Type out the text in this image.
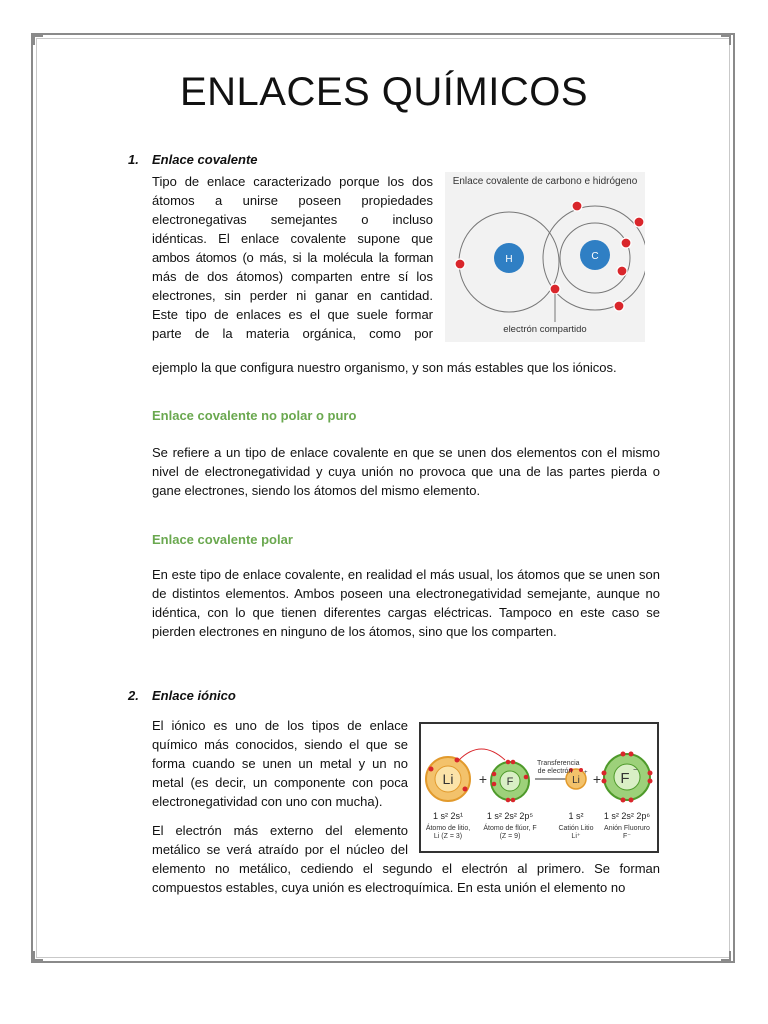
ENLACES QUÍMICOS
1. Enlace covalente
Tipo de enlace caracterizado porque los dos
átomos a unirse poseen propiedades
electronegativas semejantes o incluso
idénticas. El enlace covalente supone que
ambos átomos (o más, si la molécula la forman
más de dos átomos) comparten entre sí los
electrones, sin perder ni ganar en cantidad.
Este tipo de enlaces es el que suele formar
parte de la materia orgánica, como por
ejemplo la que configura nuestro organismo, y son más estables que los iónicos.
Enlace covalente de carbono e hidrógeno
H	C
electrón compartido
Enlace covalente no polar o puro

Se refiere a un tipo de enlace covalente en que se unen dos elementos con el mismo nivel de electronegatividad y cuya unión no provoca que una de las partes pierda o gane electrones, siendo los átomos del mismo elemento.

Enlace covalente polar

En este tipo de enlace covalente, en realidad el más usual, los átomos que se unen son de distintos elementos. Ambos poseen una electronegatividad semejante, aunque no idéntica, con lo que tienen diferentes cargas eléctricas. Tampoco en este caso se pierden electrones en ninguno de los átomos, sino que los comparten.

2. Enlace iónico

El iónico es uno de los tipos de enlace químico más conocidos, siendo el que se forma cuando se unen un metal y un no metal (es decir, un componente con poca electronegatividad con uno con mucha).

El electrón más externo del elemento
metálico se verá atraído por el núcleo del

elemento no metálico, cediendo el segundo el electrón al primero. Se forman compuestos estables, cuya unión es electroquímica. En esta unión el elemento no

Li + F	Li
+ + F
−
Transferencia de electrón
1 s² 2s¹	1 s² 2s² 2p⁵	1 s²	1 s² 2s² 2p⁶
Átomo de litio, Li (Z = 3)
Átomo de flúor, F (Z = 9)
Catión Litio Li⁺
Anión Fluoruro F⁻
